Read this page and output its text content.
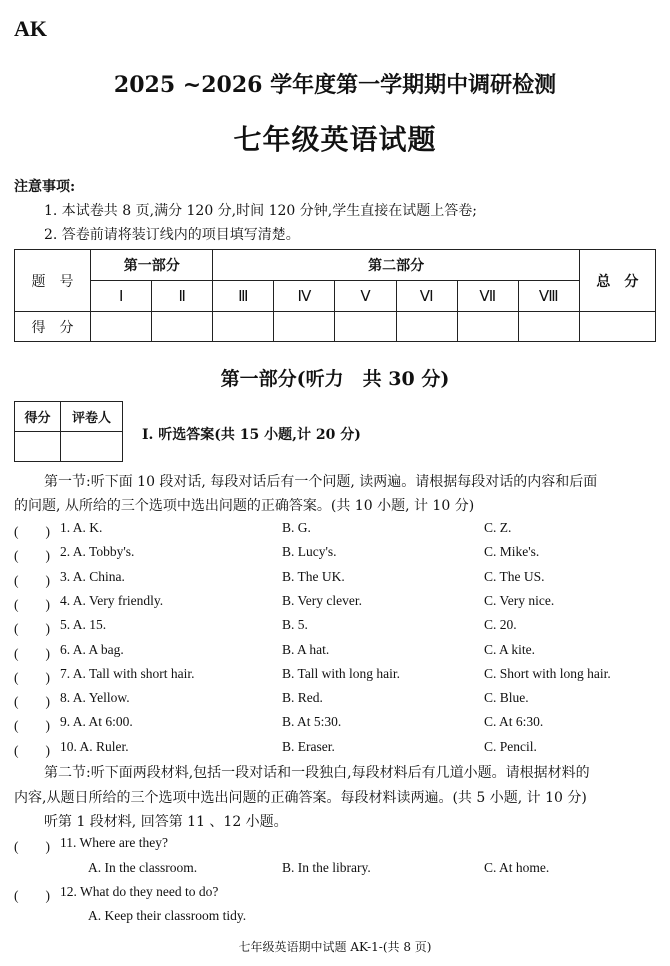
AK
2025 ~2026 学年度第一学期期中调研检测
七年级英语试题
注意事项:
1. 本试卷共 8 页,满分 120 分,时间 120 分钟,学生直接在试题上答卷;
2. 答卷前请将装订线内的项目填写清楚。
题　号	第一部分		第二部分						总　分
	Ⅰ	Ⅱ	Ⅲ	Ⅳ	Ⅴ	Ⅵ	Ⅶ	Ⅷ	
得　分									
第一部分(听力　共 30 分)
得分	评卷人

Ⅰ. 听选答案(共 15 小题,计 20 分)
第一节:听下面 10 段对话, 每段对话后有一个问题, 读两遍。请根据每段对话的内容和后面
的问题, 从所给的三个选项中选出问题的正确答案。(共 10 小题, 计 10 分)
(　　) 1. A. K.	B. G.	C. Z.
(　　) 2. A. Tobby's.	B. Lucy's.	C. Mike's.
(　　) 3. A. China.	B. The UK.	C. The US.
(　　) 4. A. Very friendly.	B. Very clever.	C. Very nice.
(　　) 5. A. 15.	B. 5.	C. 20.
(　　) 6. A. A bag.	B. A hat.	C. A kite.
(　　) 7. A. Tall with short hair.	B. Tall with long hair.	C. Short with long hair.
(　　) 8. A. Yellow.	B. Red.	C. Blue.
(　　) 9. A. At 6:00.	B. At 5:30.	C. At 6:30.
(　　) 10. A. Ruler.	B. Eraser.	C. Pencil.
第二节:听下面两段材料,包括一段对话和一段独白,每段材料后有几道小题。请根据材料的
内容,从题日所给的三个选项中选出问题的正确答案。每段材料读两遍。(共 5 小题, 计 10 分)
听第 1 段材料, 回答第 11 、12 小题。
(　　) 11. Where are they?
A. In the classroom.	B. In the library.	C. At home.
(　　) 12. What do they need to do?
A. Keep their classroom tidy.
七年级英语期中试题 AK-1-(共 8 页)
